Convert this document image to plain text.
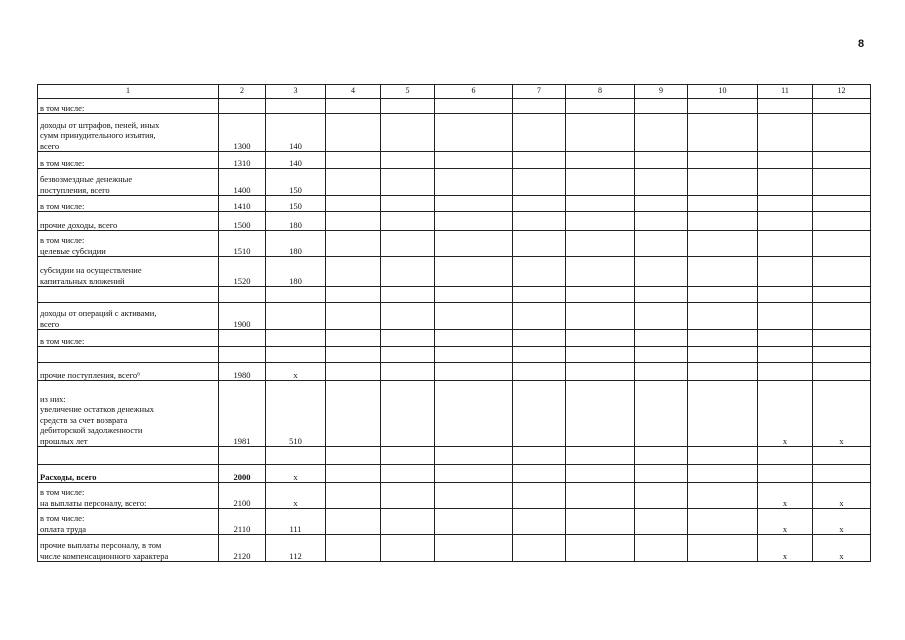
8
1	2	3	4	5	6	7	8	9	10	11	12

в том числе:											

доходы от штрафов, пеней, иных
сумм принудительного изъятия,
всего	1300	140									

в том числе:	1310	140									

безвозмездные денежные
поступления, всего	1400	150									

в том числе:	1410	150									

прочие доходы, всего	1500	180									

в том числе:
целевые субсидии	1510	180									

субсидии на осуществление
капитальных вложений	1520	180									

доходы от операций с активами,
всего	1900										

в том числе:											

прочие поступления, всего⁶	1980	x									

из них:
увеличение остатков денежных
средств за счет возврата
дебиторской задолженности
прошлых лет	1981	510								x	x

Расходы, всего	2000	x									

в том числе:
на выплаты персоналу, всего:	2100	x								x	x

в том числе:
оплата труда	2110	111								x	x

прочие выплаты персоналу, в том
числе компенсационного характера	2120	112								x	x
